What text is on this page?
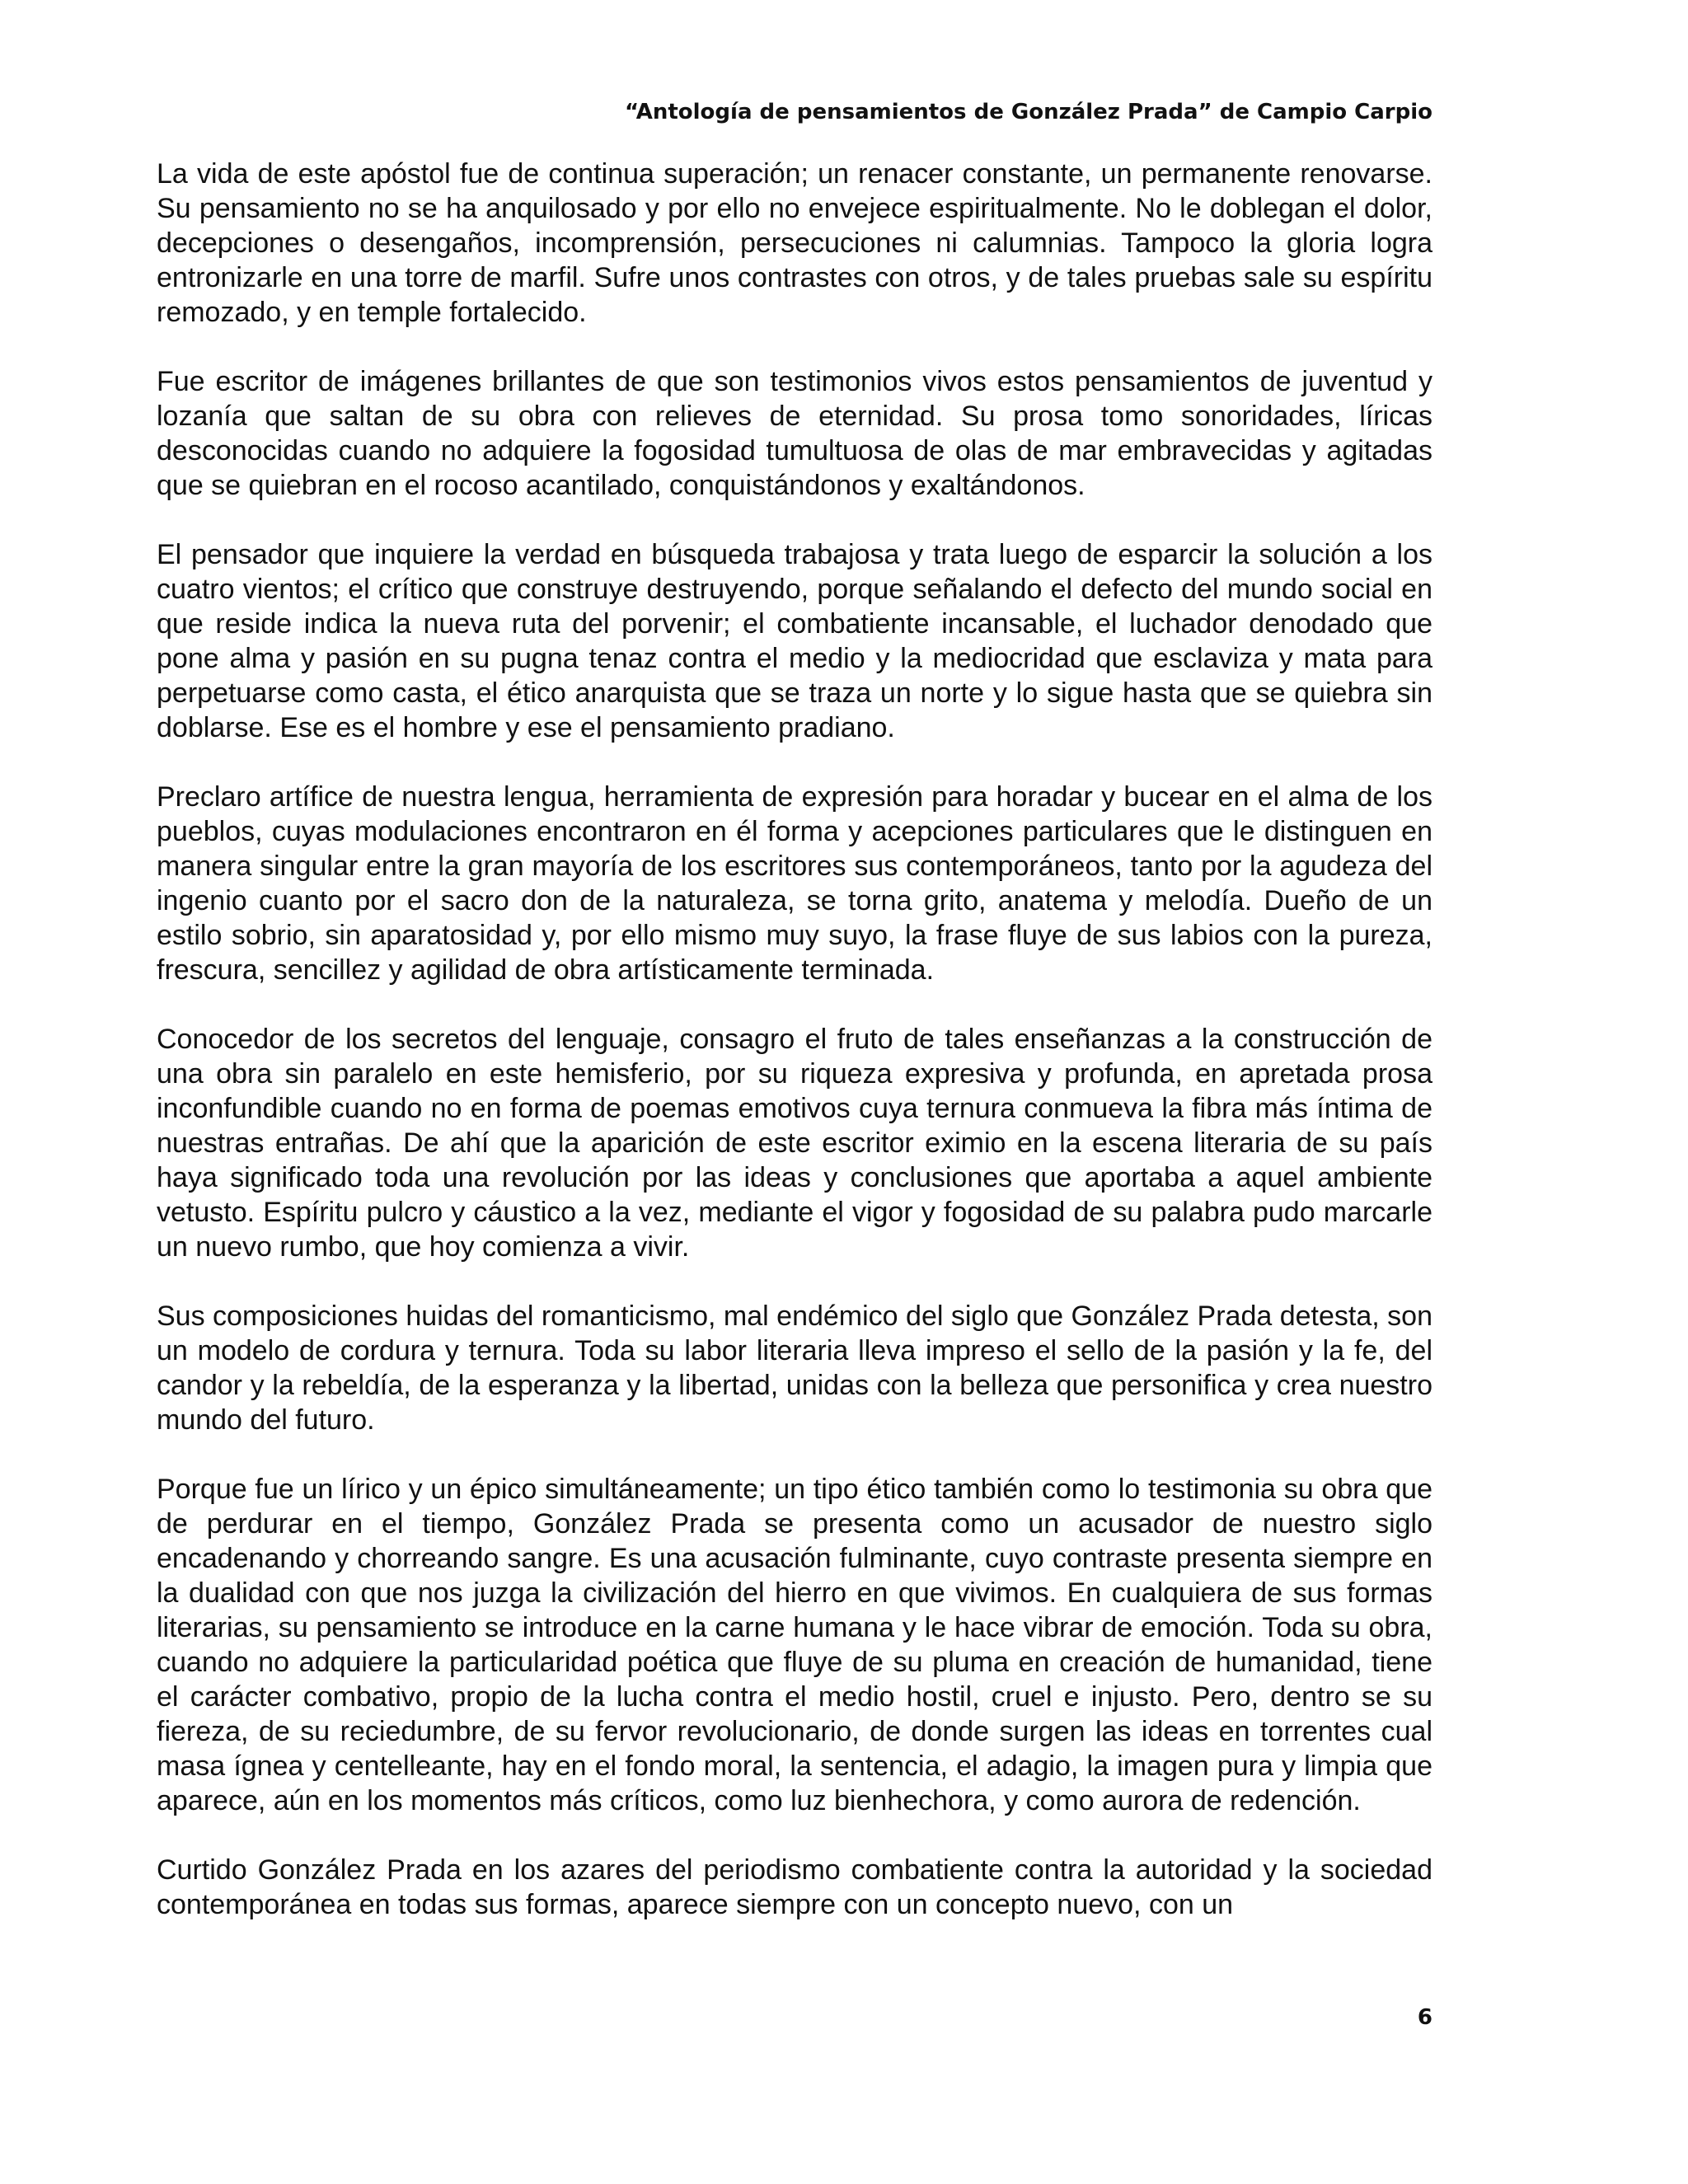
“Antología de pensamientos de González Prada” de Campio Carpio

La vida de este apóstol fue de continua superación; un renacer constante, un permanente renovarse. Su pensamiento no se ha anquilosado y por ello no envejece espiritualmente. No le doblegan el dolor, decepciones o desengaños, incomprensión, persecuciones ni calumnias. Tampoco la gloria logra entronizarle en una torre de marfil. Sufre unos contrastes con otros, y de tales pruebas sale su espíritu remozado, y en temple fortalecido.

Fue escritor de imágenes brillantes de que son testimonios vivos estos pensamientos de juventud y lozanía que saltan de su obra con relieves de eternidad. Su prosa tomo sonoridades, líricas desconocidas cuando no adquiere la fogosidad tumultuosa de olas de mar embravecidas y agitadas que se quiebran en el rocoso acantilado, conquistándonos y exaltándonos.

El pensador que inquiere la verdad en búsqueda trabajosa y trata luego de esparcir la solución a los cuatro vientos; el crítico que construye destruyendo, porque señalando el defecto del mundo social en que reside indica la nueva ruta del porvenir; el combatiente incansable, el luchador denodado que pone alma y pasión en su pugna tenaz contra el medio y la mediocridad que esclaviza y mata para perpetuarse como casta, el ético anarquista que se traza un norte y lo sigue hasta que se quiebra sin doblarse. Ese es el hombre y ese el pensamiento pradiano.

Preclaro artífice de nuestra lengua, herramienta de expresión para horadar y bucear en el alma de los pueblos, cuyas modulaciones encontraron en él forma y acepciones particulares que le distinguen en manera singular entre la gran mayoría de los escritores sus contemporáneos, tanto por la agudeza del ingenio cuanto por el sacro don de la naturaleza, se torna grito, anatema y melodía. Dueño de un estilo sobrio, sin aparatosidad y, por ello mismo muy suyo, la frase fluye de sus labios con la pureza, frescura, sencillez y agilidad de obra artísticamente terminada.

Conocedor de los secretos del lenguaje, consagro el fruto de tales enseñanzas a la construcción de una obra sin paralelo en este hemisferio, por su riqueza expresiva y profunda, en apretada prosa inconfundible cuando no en forma de poemas emotivos cuya ternura conmueva la fibra más íntima de nuestras entrañas. De ahí que la aparición de este escritor eximio en la escena literaria de su país haya significado toda una revolución por las ideas y conclusiones que aportaba a aquel ambiente vetusto. Espíritu pulcro y cáustico a la vez, mediante el vigor y fogosidad de su palabra pudo marcarle un nuevo rumbo, que hoy comienza a vivir.

Sus composiciones huidas del romanticismo, mal endémico del siglo que González Prada detesta, son un modelo de cordura y ternura. Toda su labor literaria lleva impreso el sello de la pasión y la fe, del candor y la rebeldía, de la esperanza y la libertad, unidas con la belleza que personifica y crea nuestro mundo del futuro.

Porque fue un lírico y un épico simultáneamente; un tipo ético también como lo testimonia su obra que de perdurar en el tiempo, González Prada se presenta como un acusador de nuestro siglo encadenando y chorreando sangre. Es una acusación fulminante, cuyo contraste presenta siempre en la dualidad con que nos juzga la civilización del hierro en que vivimos. En cualquiera de sus formas literarias, su pensamiento se introduce en la carne humana y le hace vibrar de emoción. Toda su obra, cuando no adquiere la particularidad poética que fluye de su pluma en creación de humanidad, tiene el carácter combativo, propio de la lucha contra el medio hostil, cruel e injusto. Pero, dentro se su fiereza, de su reciedumbre, de su fervor revolucionario, de donde surgen las ideas en torrentes cual masa ígnea y centelleante, hay en el fondo moral, la sentencia, el adagio, la imagen pura y limpia que aparece, aún en los momentos más críticos, como luz bienhechora, y como aurora de redención.

Curtido González Prada en los azares del periodismo combatiente contra la autoridad y la sociedad contemporánea en todas sus formas, aparece siempre con un concepto nuevo, con un

6
